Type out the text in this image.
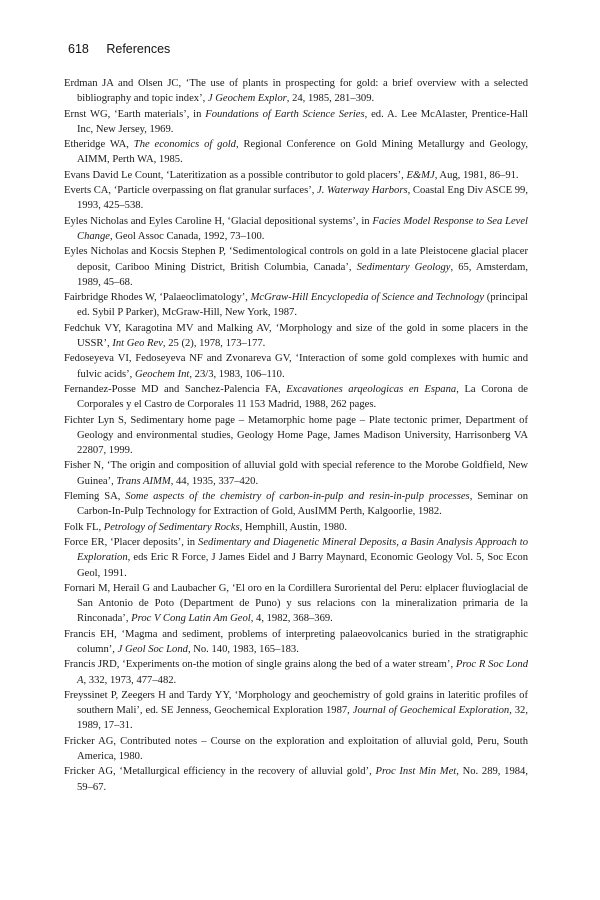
618 References

Erdman JA and Olsen JC, ‘The use of plants in prospecting for gold: a brief overview with a selected bibliography and topic index’, J Geochem Explor, 24, 1985, 281–309.

Ernst WG, ‘Earth materials’, in Foundations of Earth Science Series, ed. A. Lee McAlaster, Prentice-Hall Inc, New Jersey, 1969.

Etheridge WA, The economics of gold, Regional Conference on Gold Mining Metallurgy and Geology, AIMM, Perth WA, 1985.

Evans David Le Count, ‘Lateritization as a possible contributor to gold placers’, E&MJ, Aug, 1981, 86–91.

Everts CA, ‘Particle overpassing on flat granular surfaces’, J. Waterway Harbors, Coastal Eng Div ASCE 99, 1993, 425–538.

Eyles Nicholas and Eyles Caroline H, ‘Glacial depositional systems’, in Facies Model Response to Sea Level Change, Geol Assoc Canada, 1992, 73–100.

Eyles Nicholas and Kocsis Stephen P, ‘Sedimentological controls on gold in a late Pleistocene glacial placer deposit, Cariboo Mining District, British Columbia, Canada’, Sedimentary Geology, 65, Amsterdam, 1989, 45–68.

Fairbridge Rhodes W, ‘Palaeoclimatology’, McGraw-Hill Encyclopedia of Science and Technology (principal ed. Sybil P Parker), McGraw-Hill, New York, 1987.

Fedchuk VY, Karagotina MV and Malking AV, ‘Morphology and size of the gold in some placers in the USSR’, Int Geo Rev, 25 (2), 1978, 173–177.

Fedoseyeva VI, Fedoseyeva NF and Zvonareva GV, ‘Interaction of some gold complexes with humic and fulvic acids’, Geochem Int, 23/3, 1983, 106–110.

Fernandez-Posse MD and Sanchez-Palencia FA, Excavationes arqeologicas en Espana, La Corona de Corporales y el Castro de Corporales 11 153 Madrid, 1988, 262 pages.

Fichter Lyn S, Sedimentary home page – Metamorphic home page – Plate tectonic primer, Department of Geology and environmental studies, Geology Home Page, James Madison University, Harrisonberg VA 22807, 1999.

Fisher N, ‘The origin and composition of alluvial gold with special reference to the Morobe Goldfield, New Guinea’, Trans AIMM, 44, 1935, 337–420.

Fleming SA, Some aspects of the chemistry of carbon-in-pulp and resin-in-pulp processes, Seminar on Carbon-In-Pulp Technology for Extraction of Gold, AusIMM Perth, Kalgoorlie, 1982.

Folk FL, Petrology of Sedimentary Rocks, Hemphill, Austin, 1980.

Force ER, ‘Placer deposits’, in Sedimentary and Diagenetic Mineral Deposits, a Basin Analysis Approach to Exploration, eds Eric R Force, J James Eidel and J Barry Maynard, Economic Geology Vol. 5, Soc Econ Geol, 1991.

Fornari M, Herail G and Laubacher G, ‘El oro en la Cordillera Suroriental del Peru: elplacer fluvioglacial de San Antonio de Poto (Department de Puno) y sus relacions con la mineralization primaria de la Rinconada’, Proc V Cong Latin Am Geol, 4, 1982, 368–369.

Francis EH, ‘Magma and sediment, problems of interpreting palaeovolcanics buried in the stratigraphic column’, J Geol Soc Lond, No. 140, 1983, 165–183.

Francis JRD, ‘Experiments on-the motion of single grains along the bed of a water stream’, Proc R Soc Lond A, 332, 1973, 477–482.

Freyssinet P, Zeegers H and Tardy YY, ‘Morphology and geochemistry of gold grains in lateritic profiles of southern Mali’, ed. SE Jenness, Geochemical Exploration 1987, Journal of Geochemical Exploration, 32, 1989, 17–31.

Fricker AG, Contributed notes – Course on the exploration and exploitation of alluvial gold, Peru, South America, 1980.

Fricker AG, ‘Metallurgical efficiency in the recovery of alluvial gold’, Proc Inst Min Met, No. 289, 1984, 59–67.
